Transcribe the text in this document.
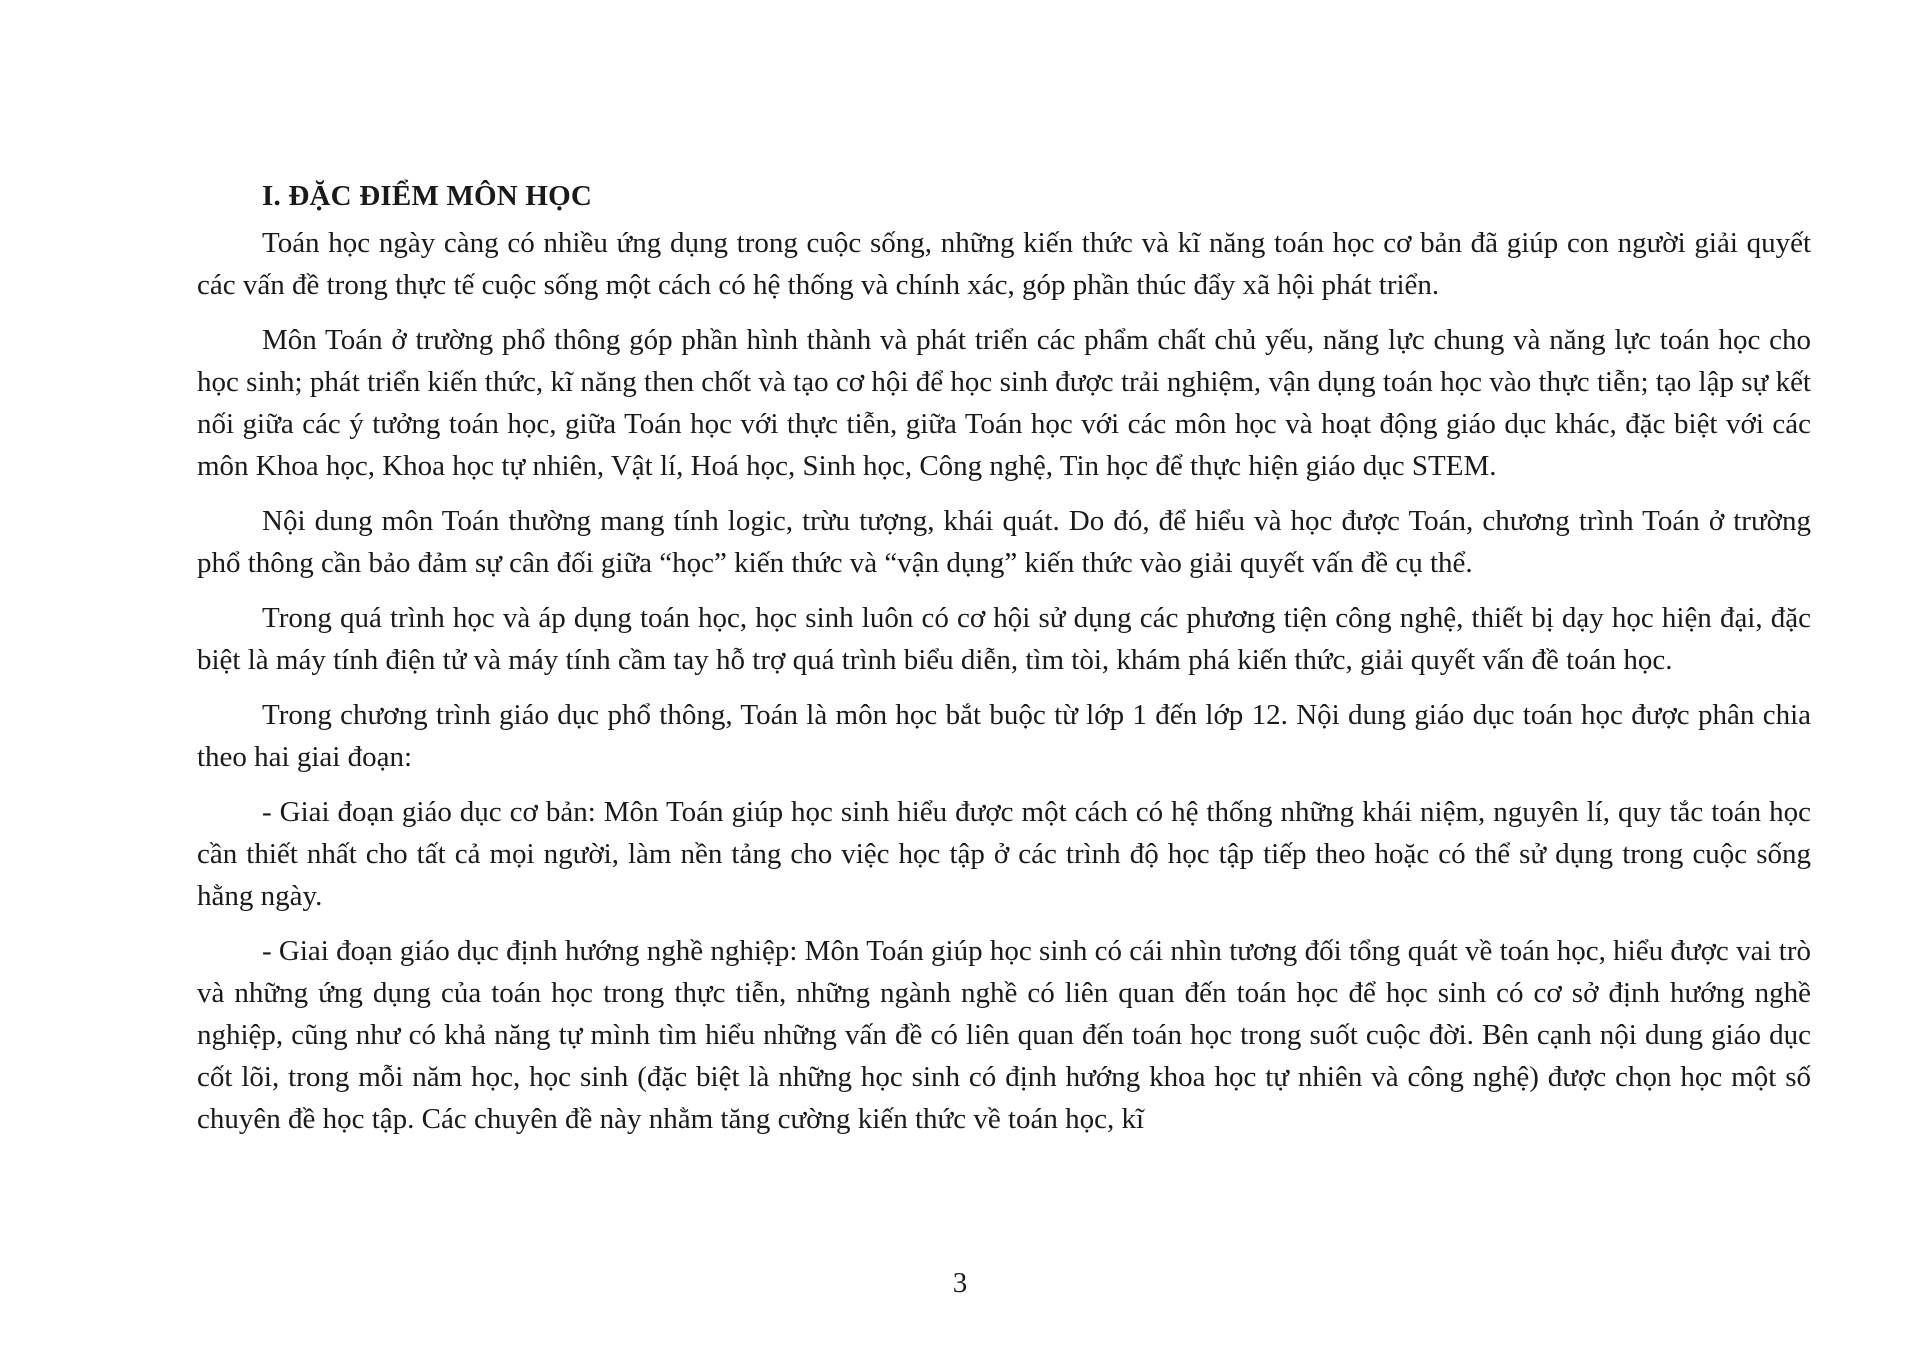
I. ĐẶC ĐIỂM MÔN HỌC

Toán học ngày càng có nhiều ứng dụng trong cuộc sống, những kiến thức và kĩ năng toán học cơ bản đã giúp con người giải quyết các vấn đề trong thực tế cuộc sống một cách có hệ thống và chính xác, góp phần thúc đẩy xã hội phát triển.

Môn Toán ở trường phổ thông góp phần hình thành và phát triển các phẩm chất chủ yếu, năng lực chung và năng lực toán học cho học sinh; phát triển kiến thức, kĩ năng then chốt và tạo cơ hội để học sinh được trải nghiệm, vận dụng toán học vào thực tiễn; tạo lập sự kết nối giữa các ý tưởng toán học, giữa Toán học với thực tiễn, giữa Toán học với các môn học và hoạt động giáo dục khác, đặc biệt với các môn Khoa học, Khoa học tự nhiên, Vật lí, Hoá học, Sinh học, Công nghệ, Tin học để thực hiện giáo dục STEM.

Nội dung môn Toán thường mang tính logic, trừu tượng, khái quát. Do đó, để hiểu và học được Toán, chương trình Toán ở trường phổ thông cần bảo đảm sự cân đối giữa “học” kiến thức và “vận dụng” kiến thức vào giải quyết vấn đề cụ thể.

Trong quá trình học và áp dụng toán học, học sinh luôn có cơ hội sử dụng các phương tiện công nghệ, thiết bị dạy học hiện đại, đặc biệt là máy tính điện tử và máy tính cầm tay hỗ trợ quá trình biểu diễn, tìm tòi, khám phá kiến thức, giải quyết vấn đề toán học.

Trong chương trình giáo dục phổ thông, Toán là môn học bắt buộc từ lớp 1 đến lớp 12. Nội dung giáo dục toán học được phân chia theo hai giai đoạn:

- Giai đoạn giáo dục cơ bản: Môn Toán giúp học sinh hiểu được một cách có hệ thống những khái niệm, nguyên lí, quy tắc toán học cần thiết nhất cho tất cả mọi người, làm nền tảng cho việc học tập ở các trình độ học tập tiếp theo hoặc có thể sử dụng trong cuộc sống hằng ngày.

- Giai đoạn giáo dục định hướng nghề nghiệp: Môn Toán giúp học sinh có cái nhìn tương đối tổng quát về toán học, hiểu được vai trò và những ứng dụng của toán học trong thực tiễn, những ngành nghề có liên quan đến toán học để học sinh có cơ sở định hướng nghề nghiệp, cũng như có khả năng tự mình tìm hiểu những vấn đề có liên quan đến toán học trong suốt cuộc đời. Bên cạnh nội dung giáo dục cốt lõi, trong mỗi năm học, học sinh (đặc biệt là những học sinh có định hướng khoa học tự nhiên và công nghệ) được chọn học một số chuyên đề học tập. Các chuyên đề này nhằm tăng cường kiến thức về toán học, kĩ

3
